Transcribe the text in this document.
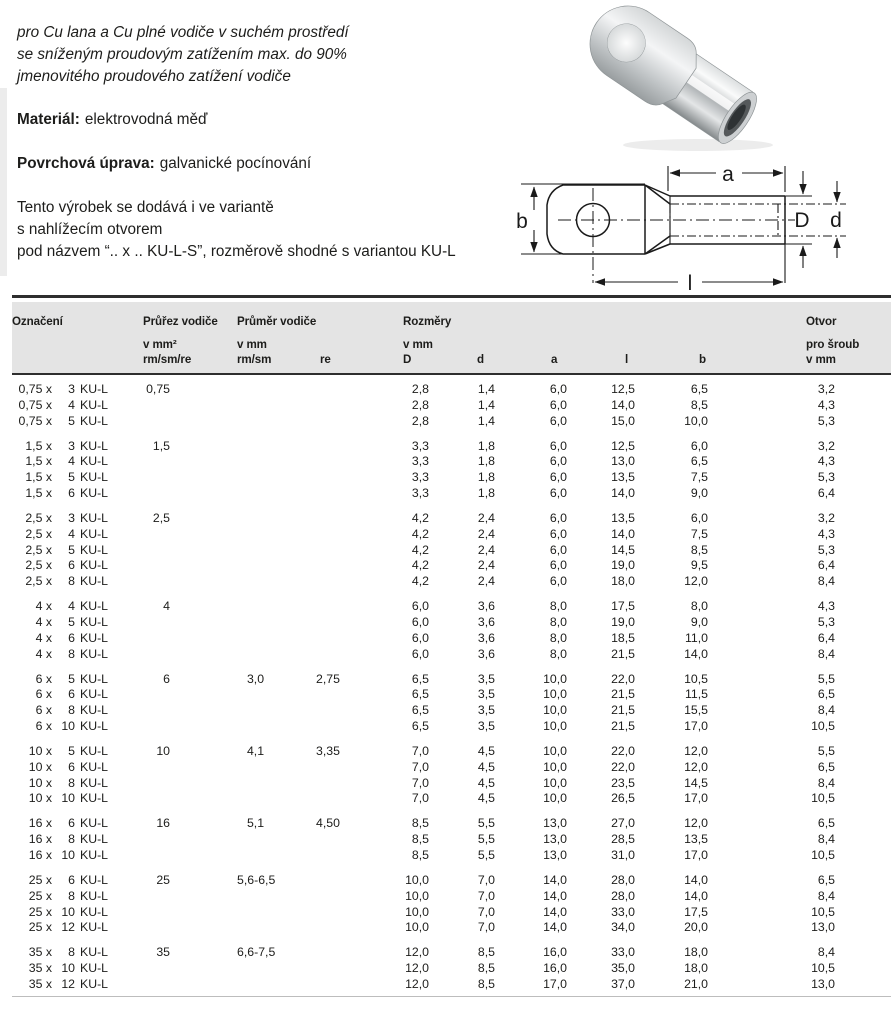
pro Cu lana a Cu plné vodiče v suchém prostředí
se sníženým proudovým zatížením max. do 90%
jmenovitého proudového zatížení vodiče
Materiál: elektrovodná měď
Povrchová úprava: galvanické pocínování
Tento výrobek se dodává i ve variantě
s nahlížecím otvorem
pod názvem “.. x .. KU-L-S”, rozměrově shodné s variantou KU-L
a
b	D d
l
Označení	Průřez vodiče	Průměr vodiče		Rozměry					Otvor
	v mm²	v mm		v mm					pro šroub
	rm/sm/re	rm/sm	re	D	d	a	l	b	v mm
0,75 x 3 KU-L	0,75			2,8	1,4	6,0	12,5	6,5	3,2
0,75 x 4 KU-L				2,8	1,4	6,0	14,0	8,5	4,3
0,75 x 5 KU-L				2,8	1,4	6,0	15,0	10,0	5,3
1,5 x 3 KU-L	1,5			3,3	1,8	6,0	12,5	6,0	3,2
1,5 x 4 KU-L				3,3	1,8	6,0	13,0	6,5	4,3
1,5 x 5 KU-L				3,3	1,8	6,0	13,5	7,5	5,3
1,5 x 6 KU-L				3,3	1,8	6,0	14,0	9,0	6,4
2,5 x 3 KU-L	2,5			4,2	2,4	6,0	13,5	6,0	3,2
2,5 x 4 KU-L				4,2	2,4	6,0	14,0	7,5	4,3
2,5 x 5 KU-L				4,2	2,4	6,0	14,5	8,5	5,3
2,5 x 6 KU-L				4,2	2,4	6,0	19,0	9,5	6,4
2,5 x 8 KU-L				4,2	2,4	6,0	18,0	12,0	8,4
4 x 4 KU-L	4			6,0	3,6	8,0	17,5	8,0	4,3
4 x 5 KU-L				6,0	3,6	8,0	19,0	9,0	5,3
4 x 6 KU-L				6,0	3,6	8,0	18,5	11,0	6,4
4 x 8 KU-L				6,0	3,6	8,0	21,5	14,0	8,4
6 x 5 KU-L	6	3,0	2,75	6,5	3,5	10,0	22,0	10,5	5,5
6 x 6 KU-L				6,5	3,5	10,0	21,5	11,5	6,5
6 x 8 KU-L				6,5	3,5	10,0	21,5	15,5	8,4
6 x 10 KU-L				6,5	3,5	10,0	21,5	17,0	10,5
10 x 5 KU-L	10	4,1	3,35	7,0	4,5	10,0	22,0	12,0	5,5
10 x 6 KU-L				7,0	4,5	10,0	22,0	12,0	6,5
10 x 8 KU-L				7,0	4,5	10,0	23,5	14,5	8,4
10 x 10 KU-L				7,0	4,5	10,0	26,5	17,0	10,5
16 x 6 KU-L	16	5,1	4,50	8,5	5,5	13,0	27,0	12,0	6,5
16 x 8 KU-L				8,5	5,5	13,0	28,5	13,5	8,4
16 x 10 KU-L				8,5	5,5	13,0	31,0	17,0	10,5
25 x 6 KU-L	25	5,6-6,5		10,0	7,0	14,0	28,0	14,0	6,5
25 x 8 KU-L				10,0	7,0	14,0	28,0	14,0	8,4
25 x 10 KU-L				10,0	7,0	14,0	33,0	17,5	10,5
25 x 12 KU-L				10,0	7,0	14,0	34,0	20,0	13,0
35 x 8 KU-L	35	6,6-7,5		12,0	8,5	16,0	33,0	18,0	8,4
35 x 10 KU-L				12,0	8,5	16,0	35,0	18,0	10,5
35 x 12 KU-L				12,0	8,5	17,0	37,0	21,0	13,0
